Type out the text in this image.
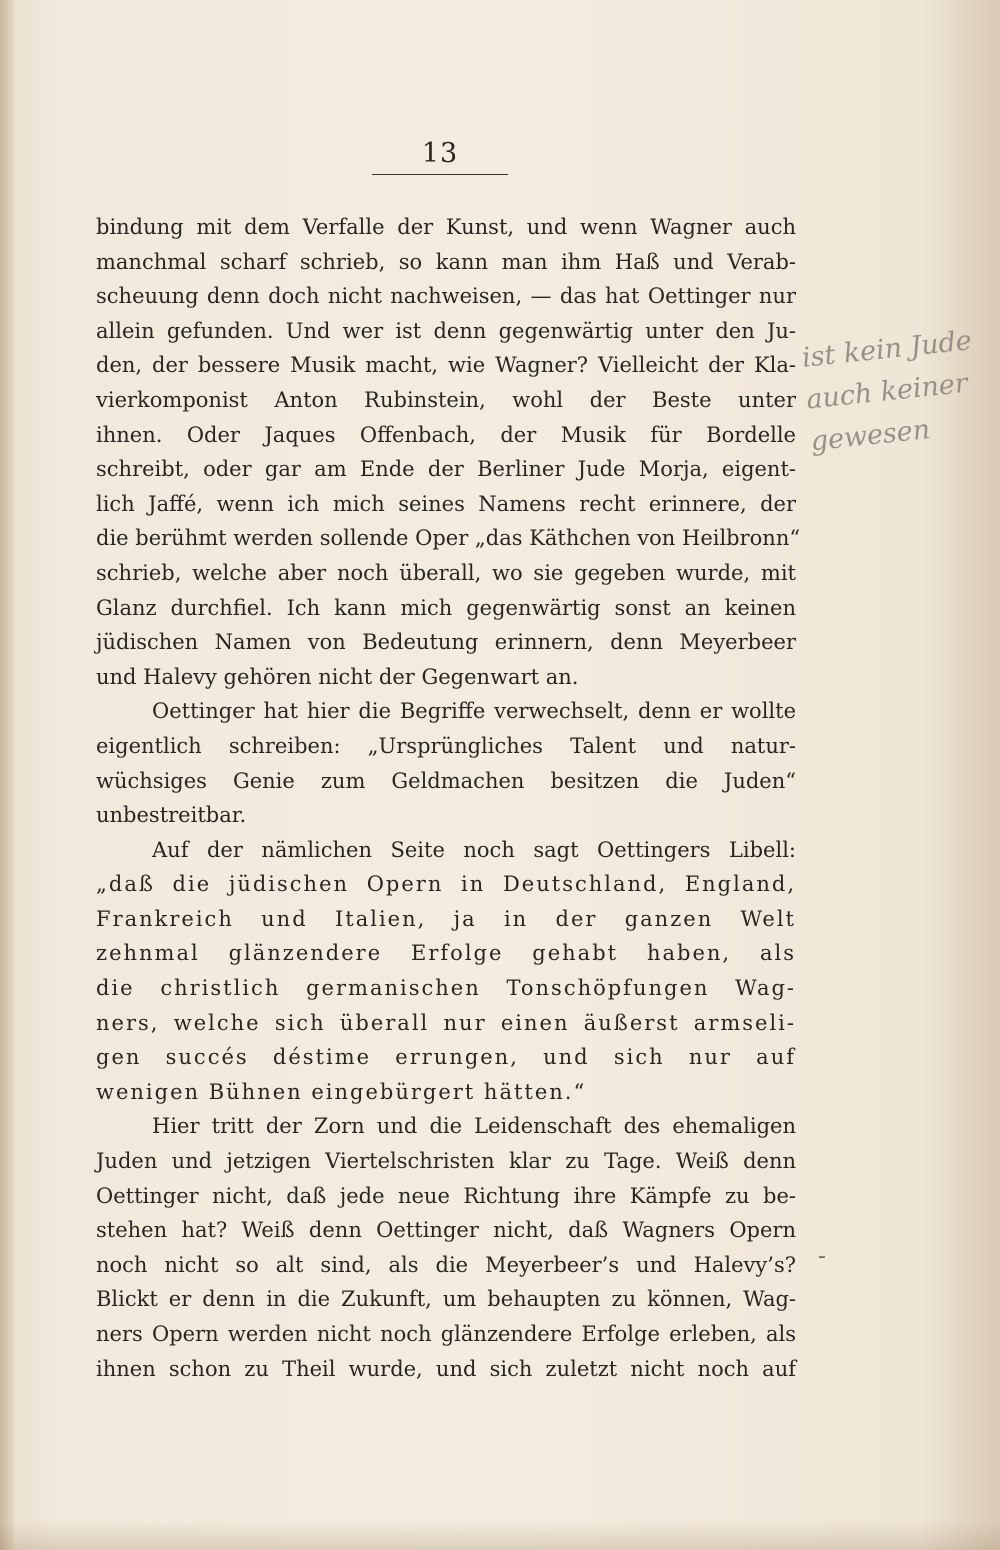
13
bindung mit dem Verfalle der Kunst, und wenn Wagner auch
manchmal scharf schrieb, so kann man ihm Haß und Verab-
scheuung denn doch nicht nachweisen, — das hat Oettinger nur
allein gefunden. Und wer ist denn gegenwärtig unter den Ju-
den, der bessere Musik macht, wie Wagner? Vielleicht der Kla-
vierkomponist Anton Rubinstein, wohl der Beste unter
ihnen. Oder Jaques Offenbach, der Musik für Bordelle
schreibt, oder gar am Ende der Berliner Jude Morja, eigent-
lich Jaffé, wenn ich mich seines Namens recht erinnere, der
die berühmt werden sollende Oper „das Käthchen von Heilbronn“
schrieb, welche aber noch überall, wo sie gegeben wurde, mit
Glanz durchfiel. Ich kann mich gegenwärtig sonst an keinen
jüdischen Namen von Bedeutung erinnern, denn Meyerbeer
und Halevy gehören nicht der Gegenwart an.
Oettinger hat hier die Begriffe verwechselt, denn er wollte
eigentlich schreiben: „Ursprüngliches Talent und natur-
wüchsiges Genie zum Geldmachen besitzen die Juden“
unbestreitbar.
Auf der nämlichen Seite noch sagt Oettingers Libell:
„daß die jüdischen Opern in Deutschland, England,
Frankreich und Italien, ja in der ganzen Welt
zehnmal glänzendere Erfolge gehabt haben, als
die christlich germanischen Tonschöpfungen Wag-
ners, welche sich überall nur einen äußerst armseli-
gen succés déstime errungen, und sich nur auf
wenigen Bühnen eingebürgert hätten.“
Hier tritt der Zorn und die Leidenschaft des ehemaligen
Juden und jetzigen Viertelschristen klar zu Tage. Weiß denn
Oettinger nicht, daß jede neue Richtung ihre Kämpfe zu be-
stehen hat? Weiß denn Oettinger nicht, daß Wagners Opern
noch nicht so alt sind, als die Meyerbeer’s und Halevy’s?
Blickt er denn in die Zukunft, um behaupten zu können, Wag-
ners Opern werden nicht noch glänzendere Erfolge erleben, als
ihnen schon zu Theil wurde, und sich zuletzt nicht noch auf
ist kein Jude
auch keiner
gewesen
-
